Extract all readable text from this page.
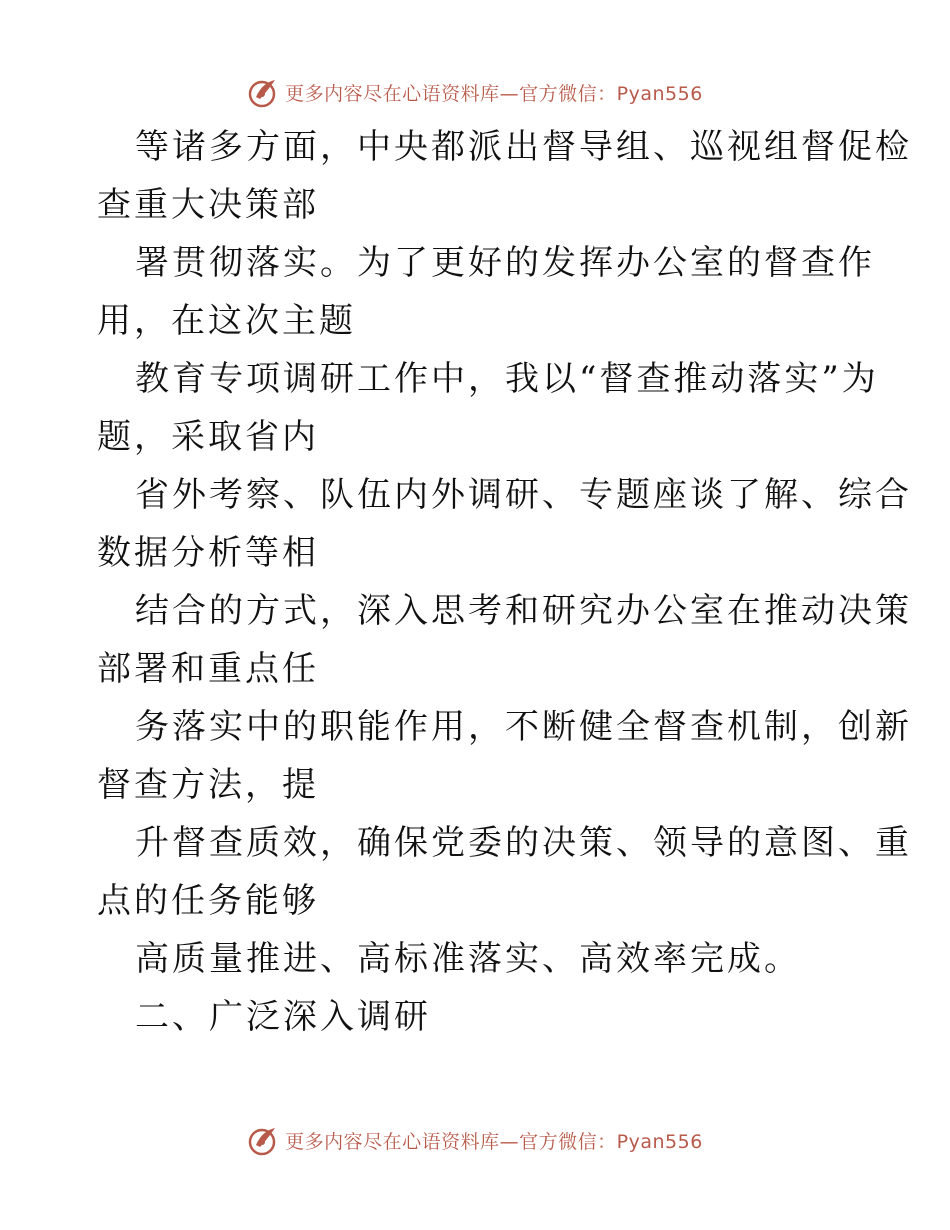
更多内容尽在心语资料库—官方微信：Pyan556
等诸多方面，中央都派出督导组、巡视组督促检
查重大决策部
署贯彻落实。为了更好的发挥办公室的督查作
用，在这次主题
教育专项调研工作中，我以“督查推动落实”为
题，采取省内
省外考察、队伍内外调研、专题座谈了解、综合
数据分析等相
结合的方式，深入思考和研究办公室在推动决策
部署和重点任
务落实中的职能作用，不断健全督查机制，创新
督查方法，提
升督查质效，确保党委的决策、领导的意图、重
点的任务能够
高质量推进、高标准落实、高效率完成。
二、广泛深入调研
更多内容尽在心语资料库—官方微信：Pyan556
